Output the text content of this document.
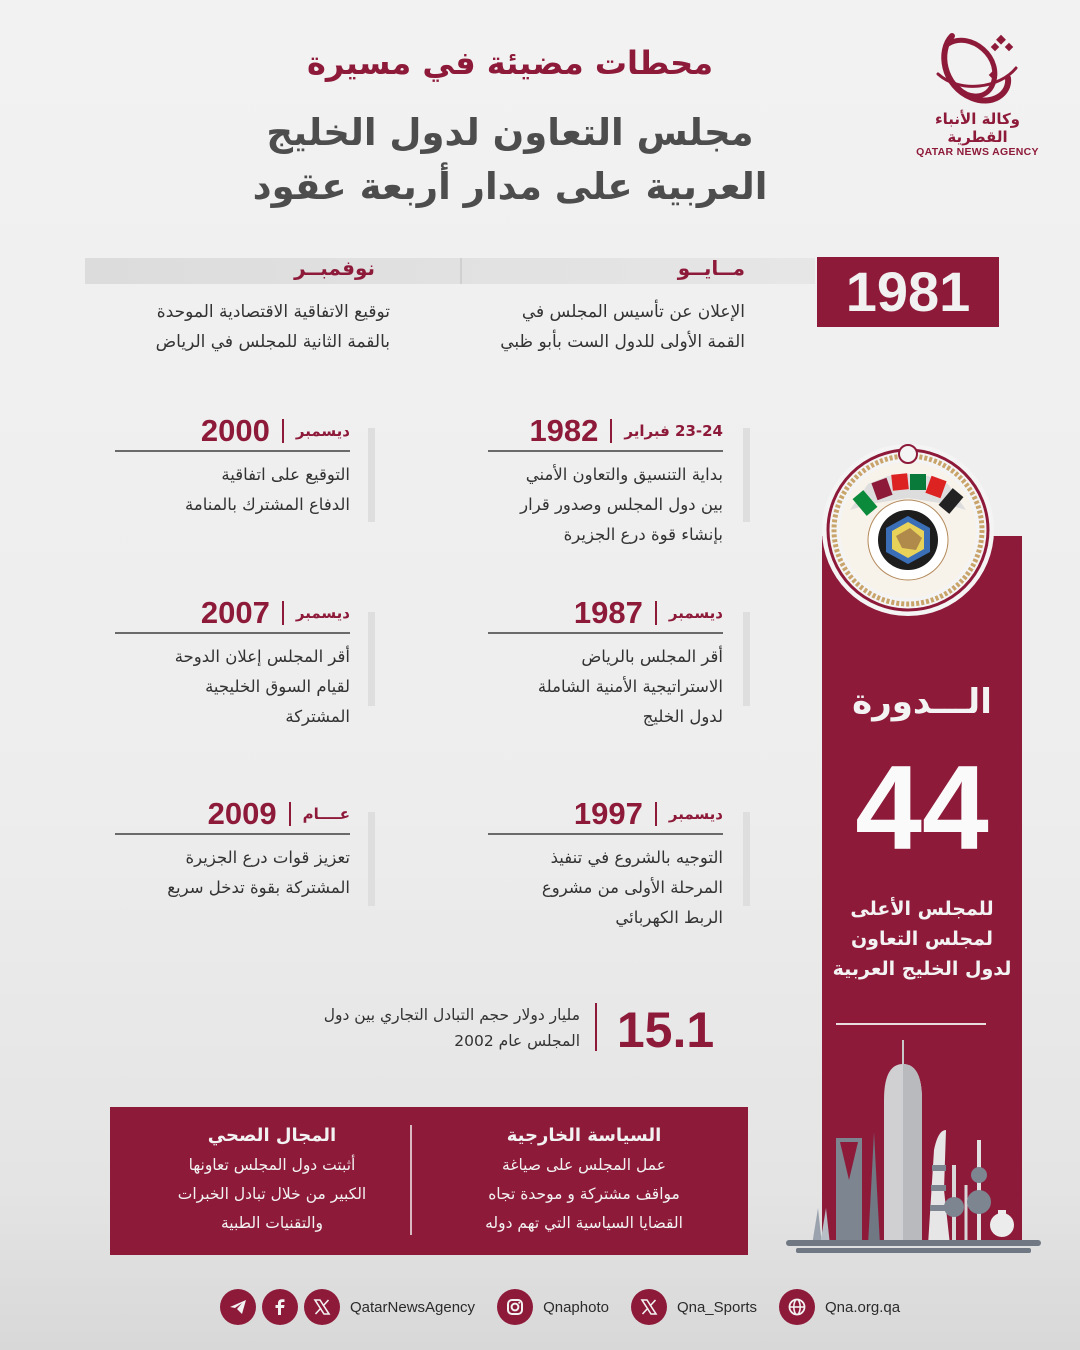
وكالة الأنباء القطرية
QATAR NEWS AGENCY
محطات مضيئة في مسيرة
مجلس التعاون لدول الخليج
العربية على مدار أربعة عقود
مــايــو
نوفمبــر	1981
الإعلان عن تأسيس المجلس في
القمة الأولى للدول الست بأبو ظبي
توقيع الاتفاقية الاقتصادية الموحدة
بالقمة الثانية للمجلس في الرياض
23-24 فبراير
1982
بداية التنسيق والتعاون الأمني
بين دول المجلس وصدور قرار
بإنشاء قوة درع الجزيرة
ديسمبر
2000
التوقيع على اتفاقية
الدفاع المشترك بالمنامة
ديسمبر
1987
أقر المجلس بالرياض
الاستراتيجية الأمنية الشاملة
لدول الخليج
ديسمبر
2007
أقر المجلس إعلان الدوحة
لقيام السوق الخليجية
المشتركة
ديسمبر
1997
التوجيه بالشروع في تنفيذ
المرحلة الأولى من مشروع
الربط الكهربائي
عــــام
2009
تعزيز قوات درع الجزيرة
المشتركة بقوة تدخل سريع
15.1
مليار دولار حجم التبادل التجاري بين دول
المجلس عام 2002
السياسة الخارجية
عمل المجلس على صياغة
مواقف مشتركة و موحدة تجاه
القضايا السياسية التي تهم دوله
المجال الصحي
أثبتت دول المجلس تعاونها
الكبير من خلال تبادل الخبرات
والتقنيات الطبية
الـــدورة
44
للمجلس الأعلى
لمجلس التعاون
لدول الخليج العربية
QatarNewsAgency	Qnaphoto	Qna_Sports	Qna.org.qa
